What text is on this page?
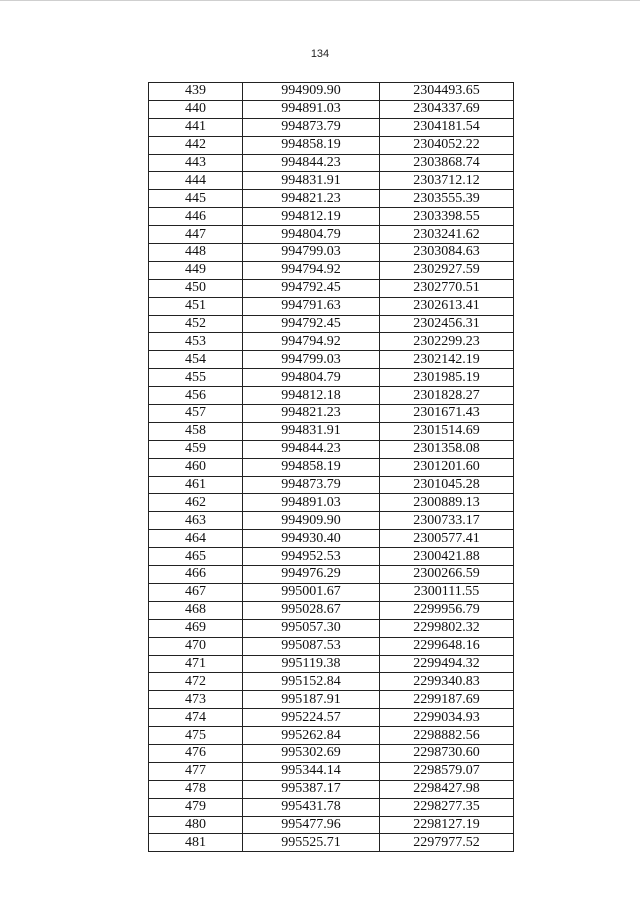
134
439	994909.90	2304493.65
440	994891.03	2304337.69
441	994873.79	2304181.54
442	994858.19	2304052.22
443	994844.23	2303868.74
444	994831.91	2303712.12
445	994821.23	2303555.39
446	994812.19	2303398.55
447	994804.79	2303241.62
448	994799.03	2303084.63
449	994794.92	2302927.59
450	994792.45	2302770.51
451	994791.63	2302613.41
452	994792.45	2302456.31
453	994794.92	2302299.23
454	994799.03	2302142.19
455	994804.79	2301985.19
456	994812.18	2301828.27
457	994821.23	2301671.43
458	994831.91	2301514.69
459	994844.23	2301358.08
460	994858.19	2301201.60
461	994873.79	2301045.28
462	994891.03	2300889.13
463	994909.90	2300733.17
464	994930.40	2300577.41
465	994952.53	2300421.88
466	994976.29	2300266.59
467	995001.67	2300111.55
468	995028.67	2299956.79
469	995057.30	2299802.32
470	995087.53	2299648.16
471	995119.38	2299494.32
472	995152.84	2299340.83
473	995187.91	2299187.69
474	995224.57	2299034.93
475	995262.84	2298882.56
476	995302.69	2298730.60
477	995344.14	2298579.07
478	995387.17	2298427.98
479	995431.78	2298277.35
480	995477.96	2298127.19
481	995525.71	2297977.52
